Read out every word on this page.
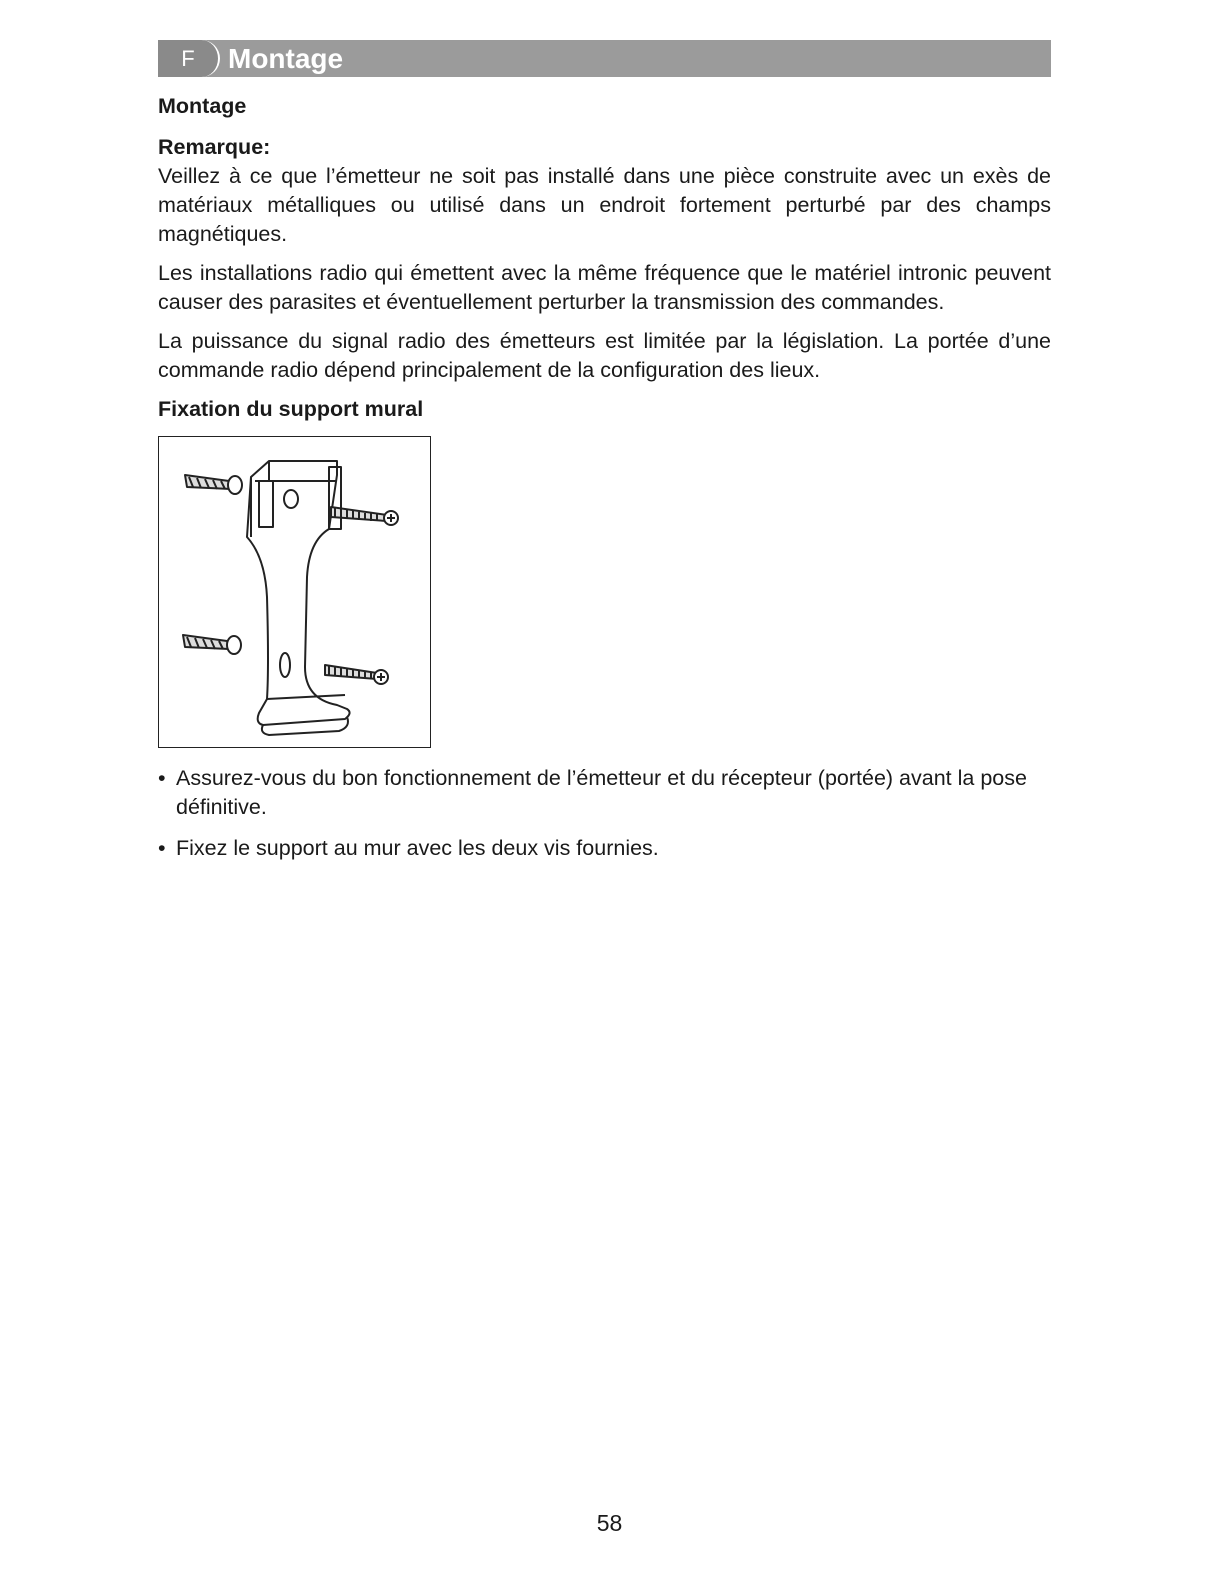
F Montage
Montage
Remarque:

Veillez à ce que l’émetteur ne soit pas installé dans une pièce construite avec un exès de matériaux métalliques ou utilisé dans un endroit fortement perturbé par des champs magnétiques.

Les installations radio qui émettent avec la même fréquence que le matériel intronic peuvent causer des parasites et éventuellement perturber la transmission des commandes.

La puissance du signal radio des émetteurs est limitée par la législation. La portée d’une commande radio dépend principalement de la configuration des lieux.

Fixation du support mural
• Assurez-vous du bon fonctionnement de l’émetteur et du récepteur (portée) avant la pose définitive.
• Fixez le support au mur avec les deux vis fournies.
58
